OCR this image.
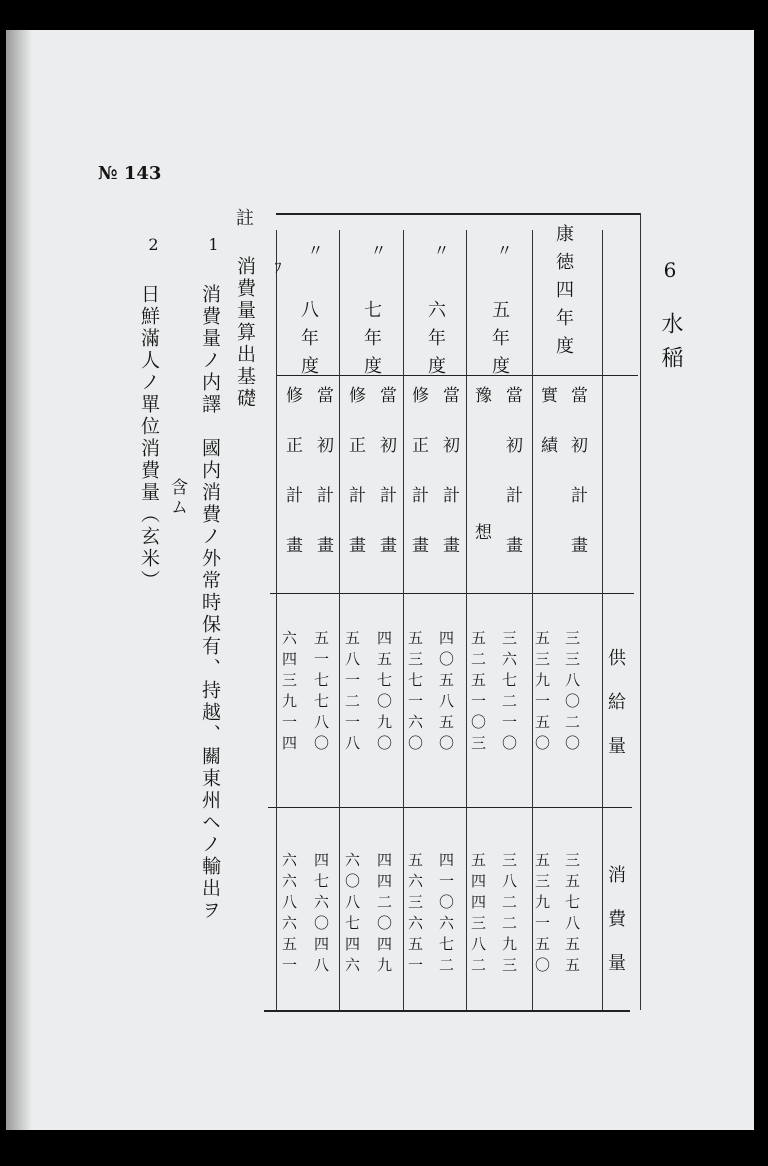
№ 143
6
水稲
供給量
消費量
康徳四年度
當初計畫
三三八〇二〇
三五七八五五
實績
五三九一五〇
五三九一五〇
〃
五年度
當初計畫
三六七二一〇
三八二二九三
豫想
五二五一〇三
五四四三八二
〃
六年度
當初計畫
四〇五八五〇
四一〇六七二
修正計畫
五三七一六〇
五六三六五一
〃
七年度
當初計畫
四五七〇九〇
四四二〇四九
修正計畫
五八一二一八
六〇八七四六
〃
八年度
當初計畫
五一七七八〇
四七六〇四八
修正計畫
六四三九一四
六六八六五一
註
ﾌ
消費量算出基礎
1
消費量ノ内譯　國内消費ノ外常時保有、持越、關東州ヘノ輸出ヲ
含ム
2
日鮮滿人ノ單位消費量（玄米）
